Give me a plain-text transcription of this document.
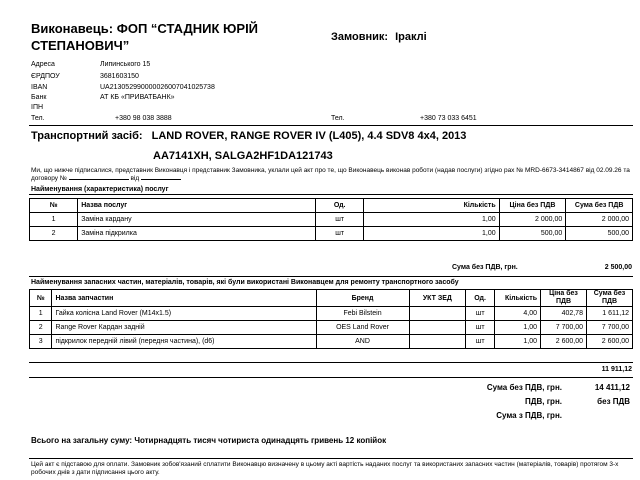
Виконавець: ФОП “СТАДНИК ЮРІЙ
СТЕПАНОВИЧ”
Замовник: Іраклі
Адреса	Липинського 15
ЄРДПОУ	3681603150
IBAN	UA213052990000026007041025738
Банк	АТ КБ «ПРИВАТБАНК»
ІПН
Тел.	+380 98 038 3888	Тел.	+380 73 033 6451
Транспортний засіб: LAND ROVER, RANGE ROVER IV (L405), 4.4 SDV8 4x4, 2013
AA7141XH, SALGA2HF1DA121743
Ми, що нижче підписалися, представник Виконавця і представник Замовника, уклали цей акт про те, що Виконавець виконав роботи (надав послуги) згідно рах № MRD-6673-3414867 від 02.09.26 та договору №	від
Найменування (характеристика) послуг
№	Назва послуг	Од.	Кількість	Ціна без ПДВ	Сума без ПДВ
1	Заміна кардану	шт	1,00	2 000,00	2 000,00
2	Заміна підкрилка	шт	1,00	500,00	500,00
Сума без ПДВ, грн.	2 500,00
Найменування запасних частин, матеріалів, товарів, які були використані Виконавцем для ремонту транспортного засобу
№	Назва запчастин	Бренд	УКТ ЗЕД	Од.	Кількість	Ціна без ПДВ	Сума без ПДВ
1	Гайка колісна Land Rover (M14x1.5)	Febi Bilstein		шт	4,00	402,78	1 611,12
2	Range Rover Кардан задній	OES Land Rover		шт	1,00	7 700,00	7 700,00
3	підкрилок передній лівий (передня частина), (d6)	AND		шт	1,00	2 600,00	2 600,00
11 911,12
Сума без ПДВ, грн.	14 411,12
ПДВ, грн.	без ПДВ
Сума з ПДВ, грн.
Всього на загальну суму: Чотирнадцять тисяч чотириста одинадцять гривень 12 копійок
Цей акт є підставою для оплати. Замовник зобов'язаний сплатити Виконавцю визначену в цьому акті вартість наданих послуг та використаних запасних частин (матеріалів, товарів) протягом 3-х робочих днів з дати підписання цього акту.
